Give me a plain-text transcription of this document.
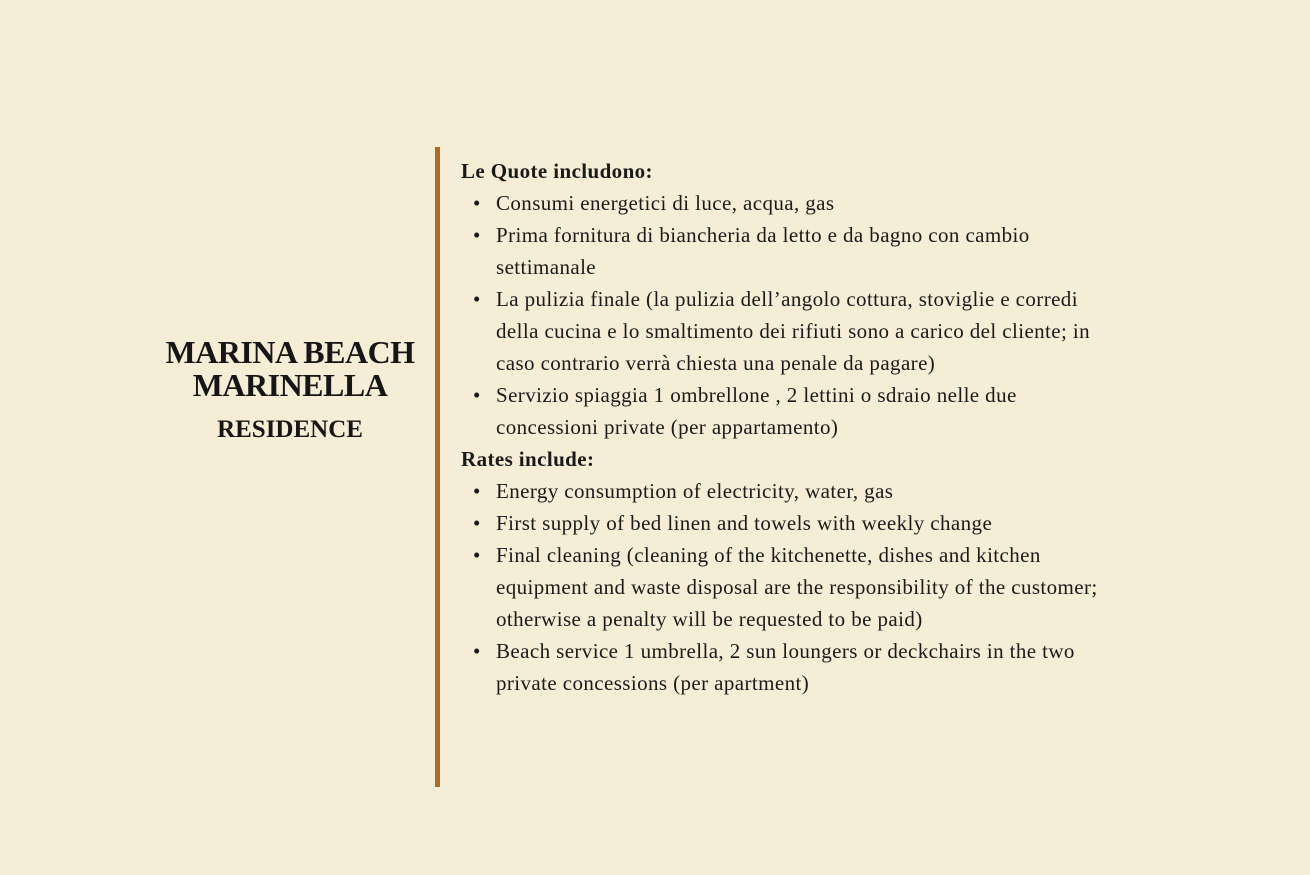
MARINA BEACH
MARINELLA
RESIDENCE
Le Quote includono:
• Consumi energetici di luce, acqua, gas
• Prima fornitura di biancheria da letto e da bagno con cambio settimanale
• La pulizia finale (la pulizia dell’angolo cottura, stoviglie e corredi della cucina e lo smaltimento dei rifiuti sono a carico del cliente; in caso contrario verrà chiesta una penale da pagare)
• Servizio spiaggia 1 ombrellone , 2 lettini o sdraio nelle due concessioni private (per appartamento)
Rates include:
• Energy consumption of electricity, water, gas
• First supply of bed linen and towels with weekly change
• Final cleaning (cleaning of the kitchenette, dishes and kitchen equipment and waste disposal are the responsibility of the customer; otherwise a penalty will be requested to be paid)
• Beach service 1 umbrella, 2 sun loungers or deckchairs in the two private concessions (per apartment)
